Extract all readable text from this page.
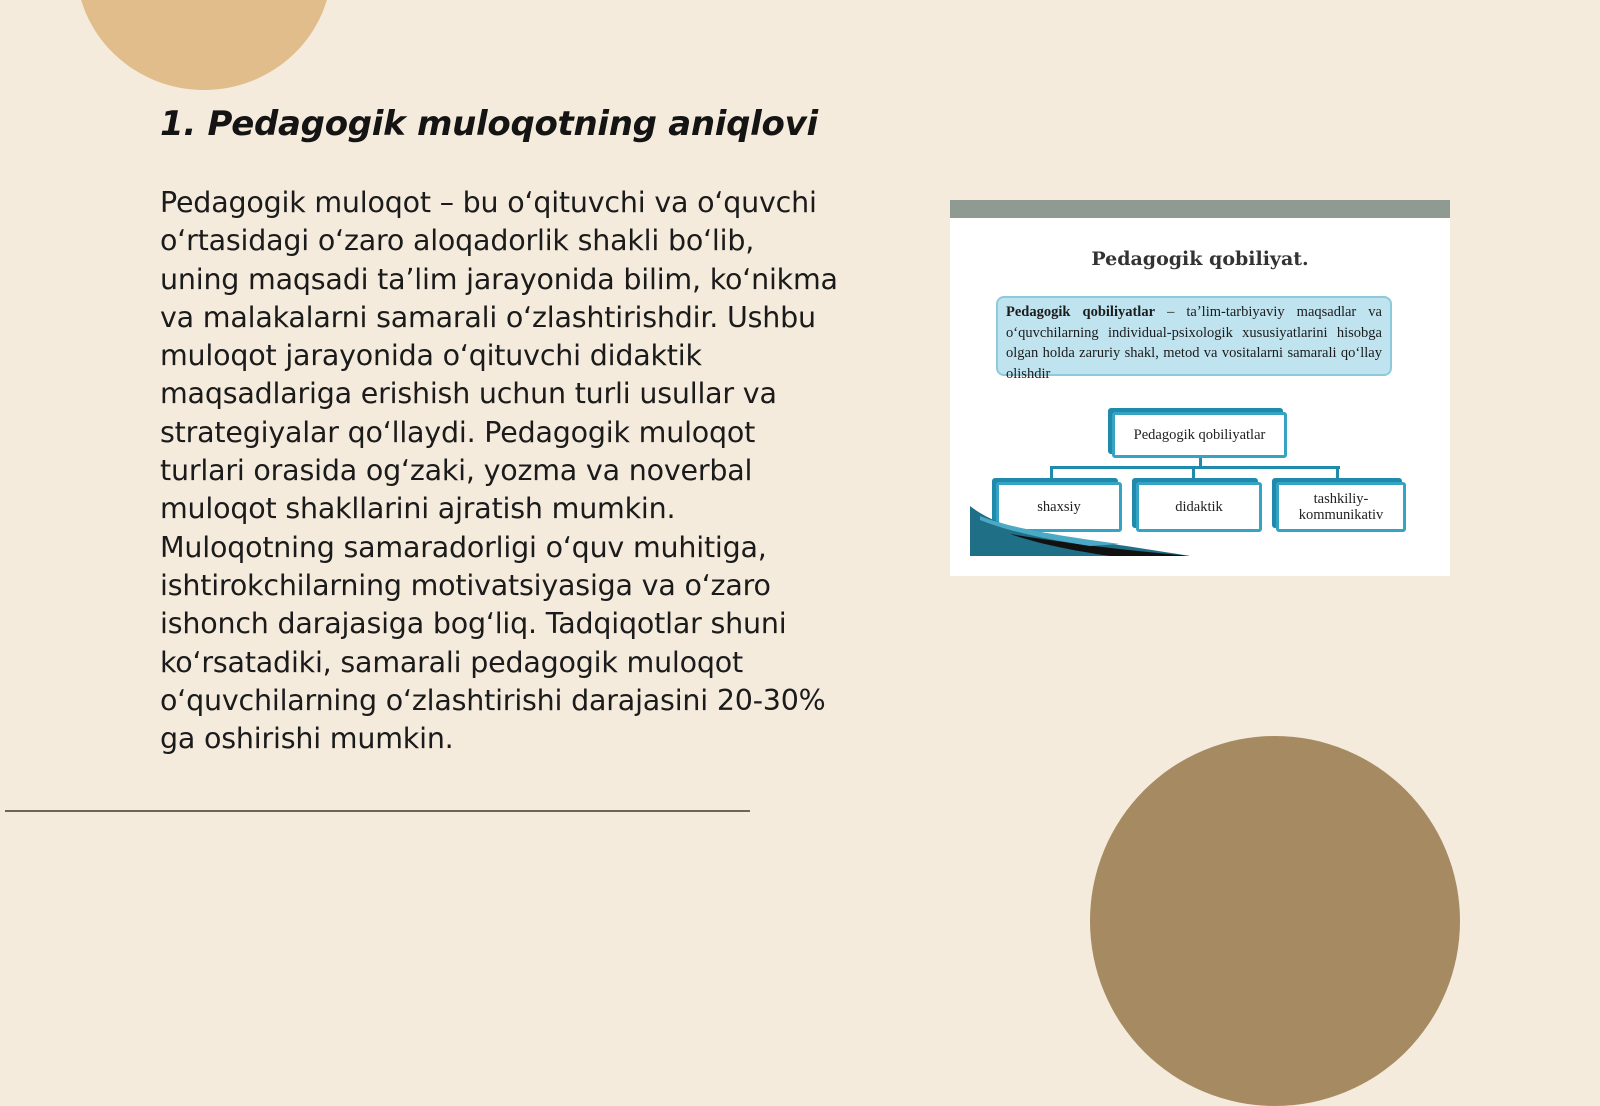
1. Pedagogik muloqotning aniqlovi

Pedagogik muloqot – bu oʻqituvchi va oʻquvchi oʻrtasidagi oʻzaro aloqadorlik shakli boʻlib, uning maqsadi taʼlim jarayonida bilim, koʻnikma va malakalarni samarali oʻzlashtirishdir. Ushbu muloqot jarayonida oʻqituvchi didaktik maqsadlariga erishish uchun turli usullar va strategiyalar qoʻllaydi. Pedagogik muloqot turlari orasida ogʻzaki, yozma va noverbal muloqot shakllarini ajratish mumkin. Muloqotning samaradorligi oʻquv muhitiga, ishtirokchilarning motivatsiyasiga va oʻzaro ishonch darajasiga bogʻliq. Tadqiqotlar shuni koʻrsatadiki, samarali pedagogik muloqot oʻquvchilarning oʻzlashtirishi darajasini 20-30% ga oshirishi mumkin.

Pedagogik qobiliyat.
Pedagogik qobiliyatlar – taʼlim-tarbiyaviy maqsadlar va oʻquvchilarning individual-psixologik xususiyatlarini hisobga olgan holda zaruriy shakl, metod va vositalarni samarali qoʻllay olishdir
Pedagogik qobiliyatlar
shaxsiy	didaktik	tashkiliy-kommunikativ
